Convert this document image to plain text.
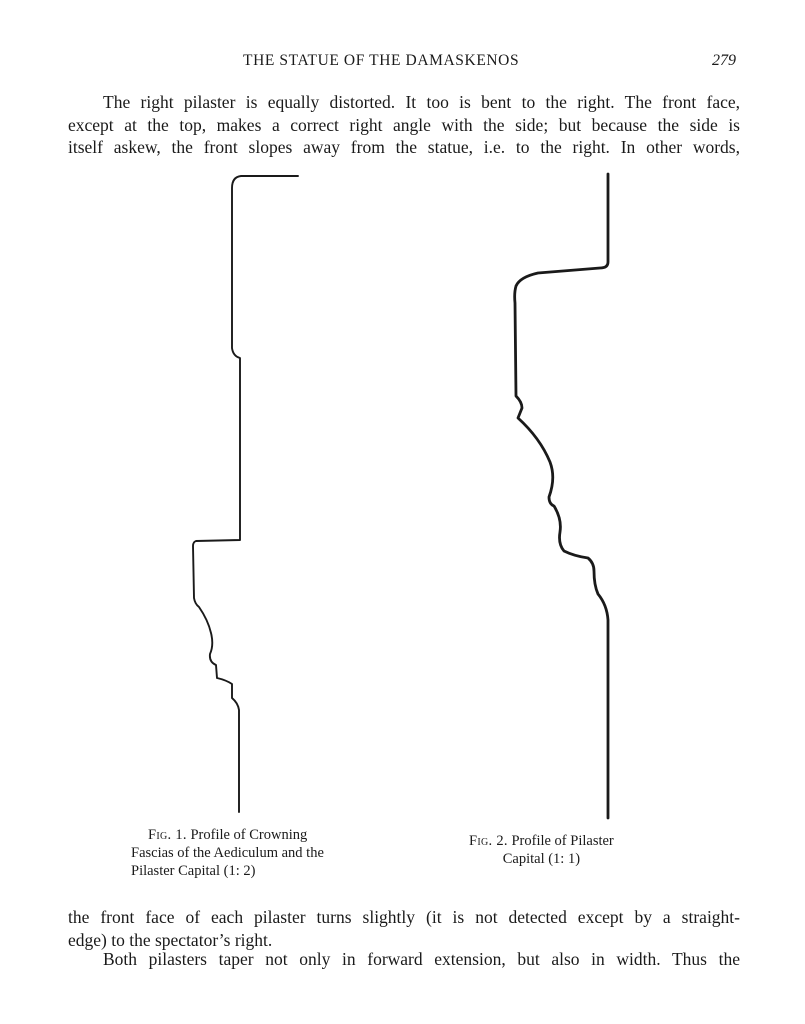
THE STATUE OF THE DAMASKENOS	279

The right pilaster is equally distorted. It too is bent to the right. The front face,
except at the top, makes a correct right angle with the side; but because the side is
itself askew, the front slopes away from the statue, i.e. to the right. In other words,

Fig. 1. Profile of Crowning
Fascias of the Aediculum and the
Pilaster Capital (1: 2)
Fig. 2. Profile of Pilaster
Capital (1: 1)

the front face of each pilaster turns slightly (it is not detected except by a straight-
edge) to the spectator’s right.

Both pilasters taper not only in forward extension, but also in width. Thus the
